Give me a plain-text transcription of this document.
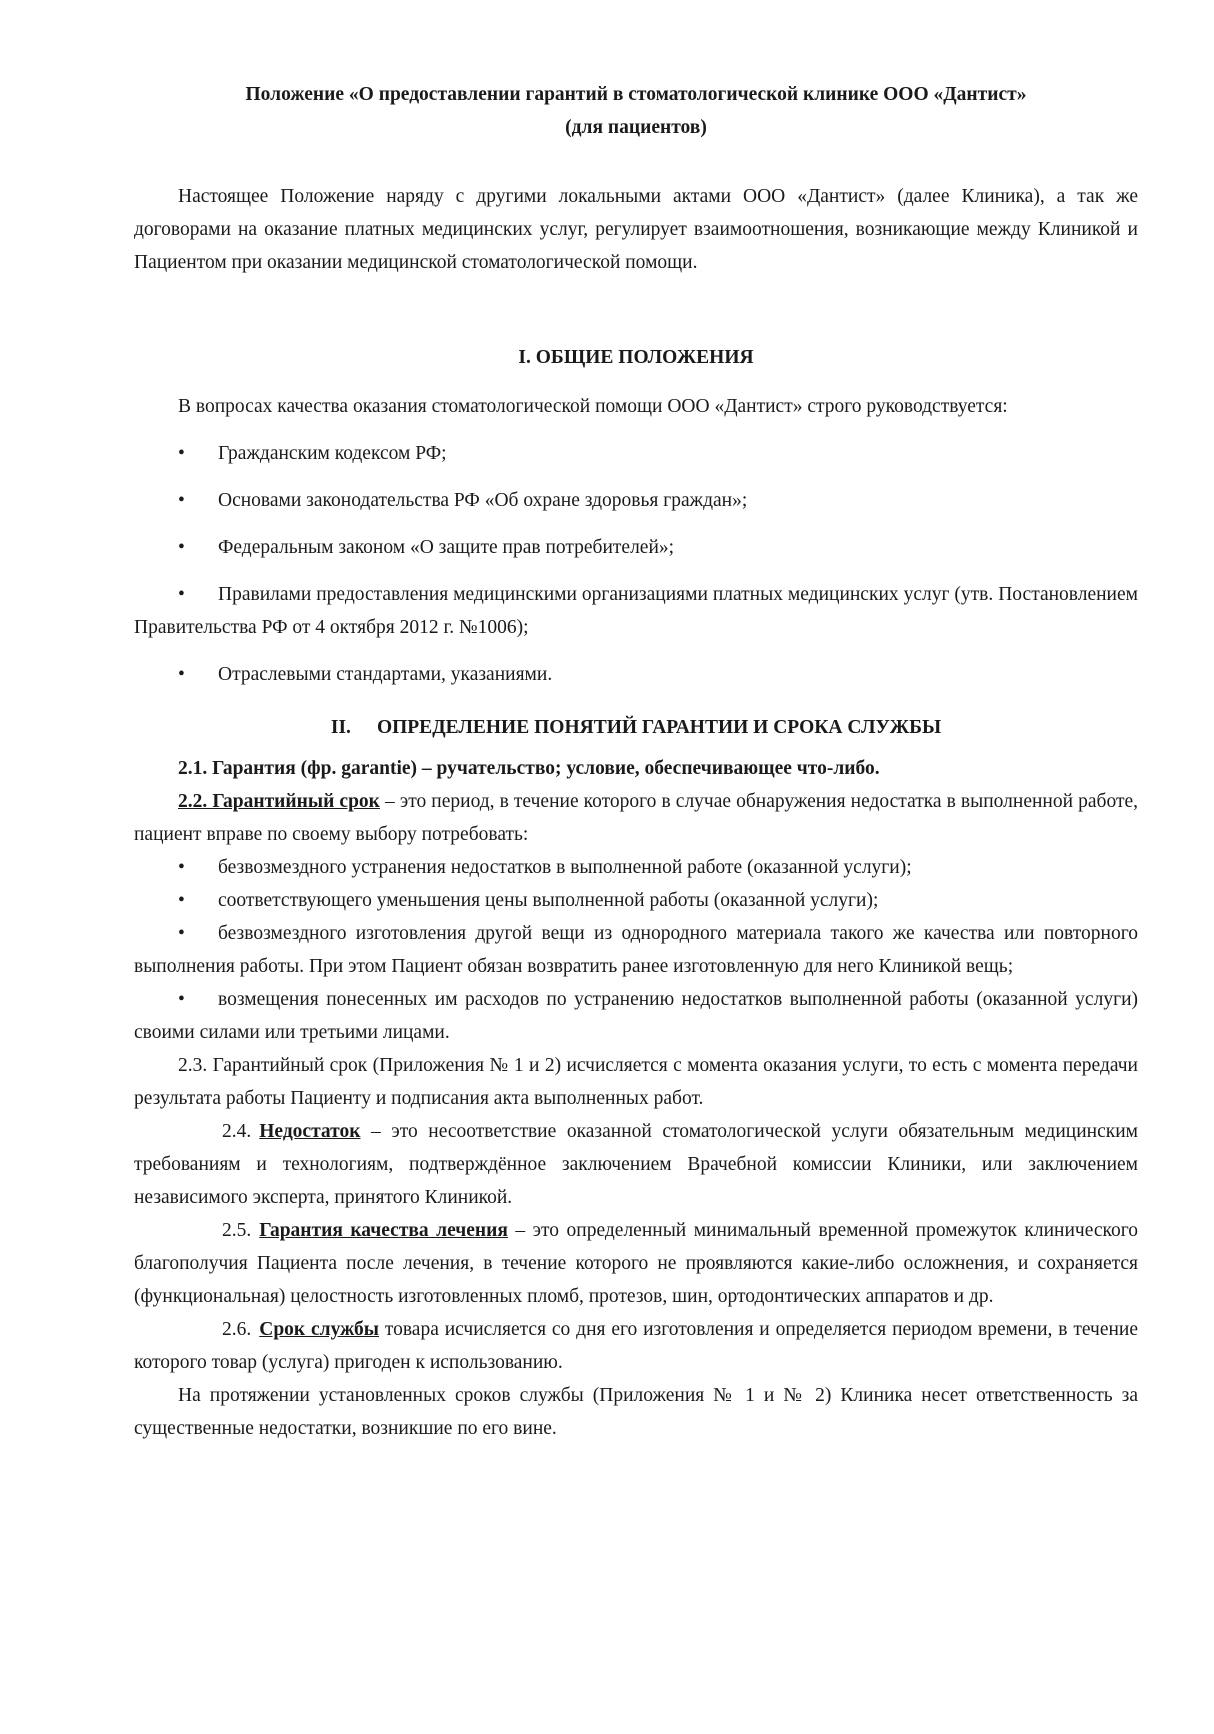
Положение «О предоставлении гарантий в стоматологической клинике ООО «Дантист»
(для пациентов)

Настоящее Положение наряду с другими локальными актами ООО «Дантист» (далее Клиника), а так же договорами на оказание платных медицинских услуг, регулирует взаимоотношения, возникающие между Клиникой и Пациентом при оказании медицинской стоматологической помощи.

I. ОБЩИЕ ПОЛОЖЕНИЯ

В вопросах качества оказания стоматологической помощи ООО «Дантист» строго руководствуется:

• Гражданским кодексом РФ;
• Основами законодательства РФ «Об охране здоровья граждан»;
• Федеральным законом «О защите прав потребителей»;
• Правилами предоставления медицинскими организациями платных медицинских услуг (утв. Постановлением Правительства РФ от 4 октября 2012 г. №1006);
• Отраслевыми стандартами, указаниями.
II. ОПРЕДЕЛЕНИЕ ПОНЯТИЙ ГАРАНТИИ И СРОКА СЛУЖБЫ

2.1. Гарантия (фр. garantie) – ручательство; условие, обеспечивающее что-либо.

2.2. Гарантийный срок – это период, в течение которого в случае обнаружения недостатка в выполненной работе, пациент вправе по своему выбору потребовать:

• безвозмездного устранения недостатков в выполненной работе (оказанной услуги);
• соответствующего уменьшения цены выполненной работы (оказанной услуги);
• безвозмездного изготовления другой вещи из однородного материала такого же качества или повторного выполнения работы. При этом Пациент обязан возвратить ранее изготовленную для него Клиникой вещь;
• возмещения понесенных им расходов по устранению недостатков выполненной работы (оказанной услуги) своими силами или третьими лицами.

2.3. Гарантийный срок (Приложения № 1 и 2) исчисляется с момента оказания услуги, то есть с момента передачи результата работы Пациенту и подписания акта выполненных работ.

2.4. Недостаток – это несоответствие оказанной стоматологической услуги обязательным медицинским требованиям и технологиям, подтверждённое заключением Врачебной комиссии Клиники, или заключением независимого эксперта, принятого Клиникой.

2.5. Гарантия качества лечения – это определенный минимальный временной промежуток клинического благополучия Пациента после лечения, в течение которого не проявляются какие-либо осложнения, и сохраняется (функциональная) целостность изготовленных пломб, протезов, шин, ортодонтических аппаратов и др.

2.6. Срок службы товара исчисляется со дня его изготовления и определяется периодом времени, в течение которого товар (услуга) пригоден к использованию.

На протяжении установленных сроков службы (Приложения № 1 и № 2) Клиника несет ответственность за существенные недостатки, возникшие по его вине.
